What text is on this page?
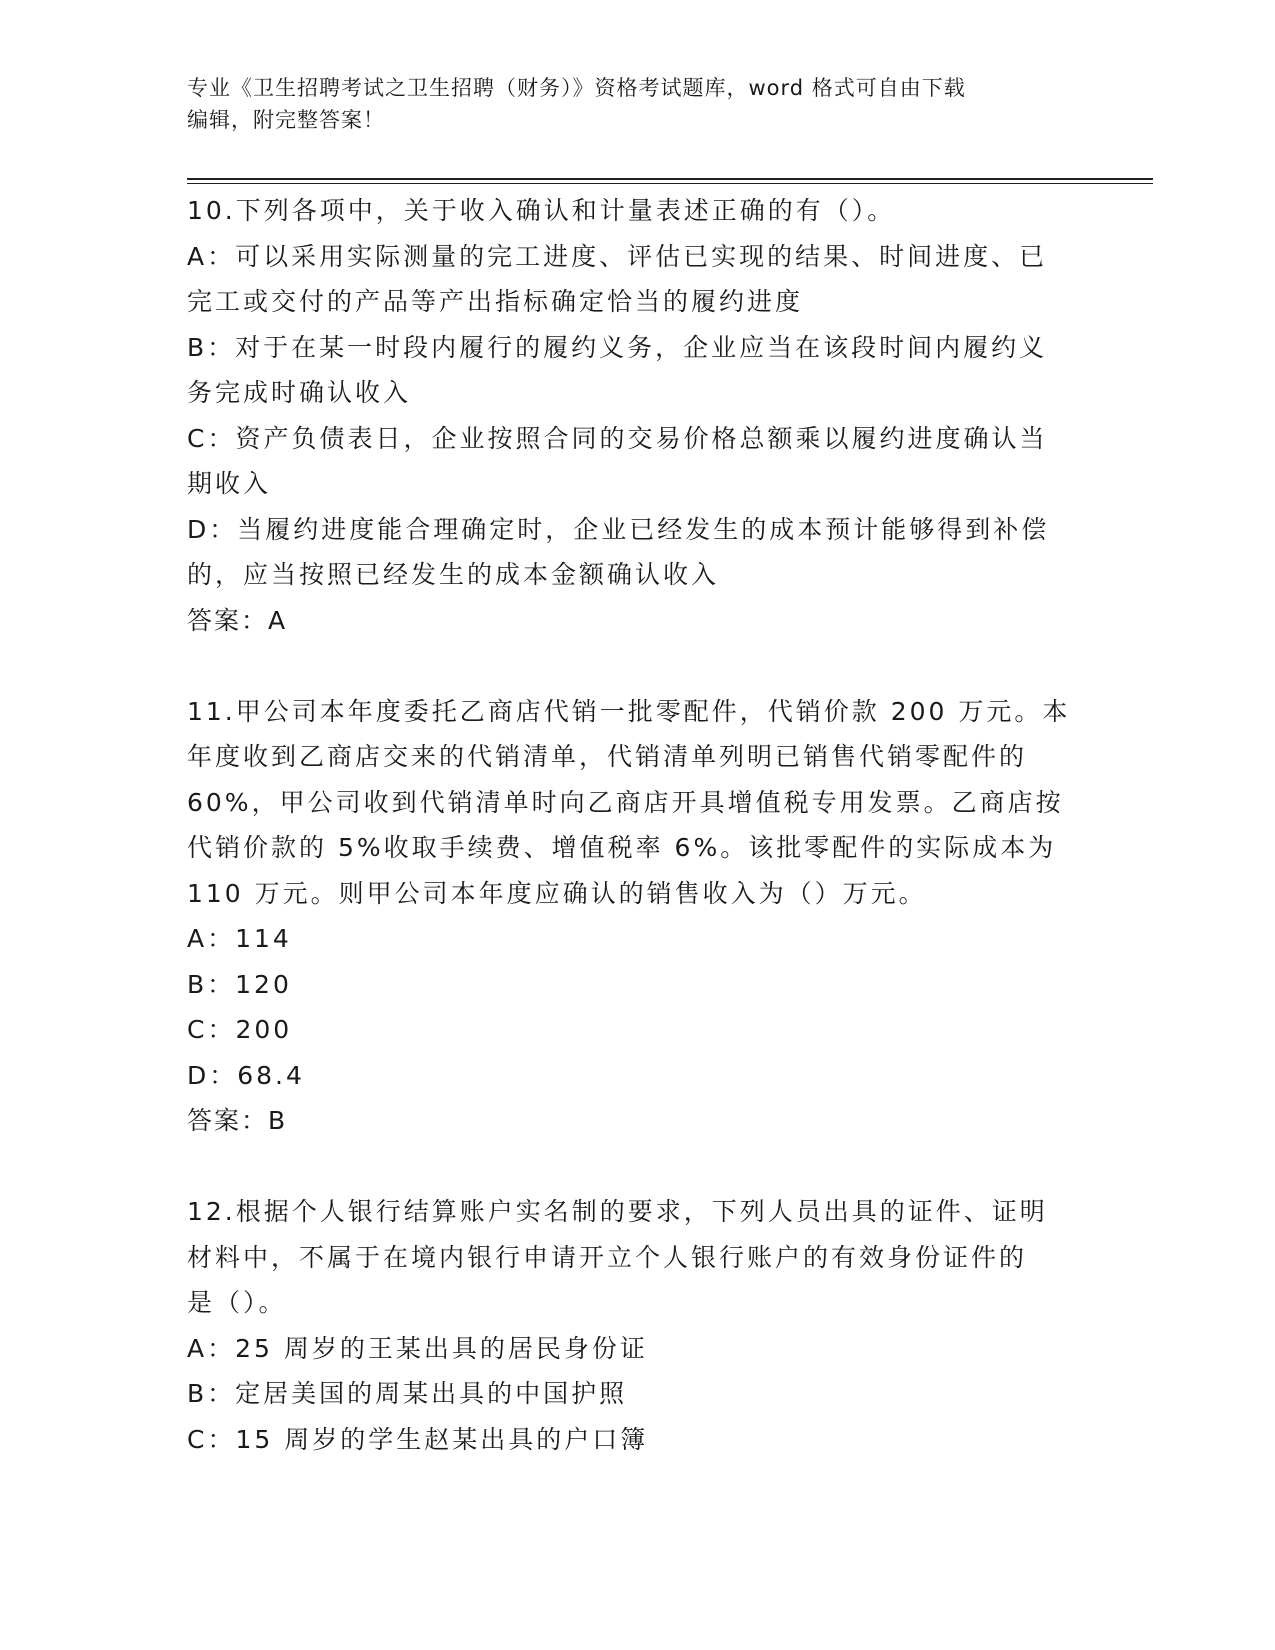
专业《卫生招聘考试之卫生招聘（财务）》资格考试题库，word 格式可自由下载

编辑，附完整答案！

10.下列各项中，关于收入确认和计量表述正确的有（）。

A：可以采用实际测量的完工进度、评估已实现的结果、时间进度、已

完工或交付的产品等产出指标确定恰当的履约进度

B：对于在某一时段内履行的履约义务，企业应当在该段时间内履约义

务完成时确认收入

C：资产负债表日，企业按照合同的交易价格总额乘以履约进度确认当

期收入

D：当履约进度能合理确定时，企业已经发生的成本预计能够得到补偿

的，应当按照已经发生的成本金额确认收入

答案：A

11.甲公司本年度委托乙商店代销一批零配件，代销价款 200 万元。本

年度收到乙商店交来的代销清单，代销清单列明已销售代销零配件的

60%，甲公司收到代销清单时向乙商店开具增值税专用发票。乙商店按

代销价款的 5%收取手续费、增值税率 6%。该批零配件的实际成本为

110 万元。则甲公司本年度应确认的销售收入为（）万元。

A：114

B：120

C：200

D：68.4

答案：B

12.根据个人银行结算账户实名制的要求，下列人员出具的证件、证明

材料中，不属于在境内银行申请开立个人银行账户的有效身份证件的

是（）。

A：25 周岁的王某出具的居民身份证

B：定居美国的周某出具的中国护照

C：15 周岁的学生赵某出具的户口簿
